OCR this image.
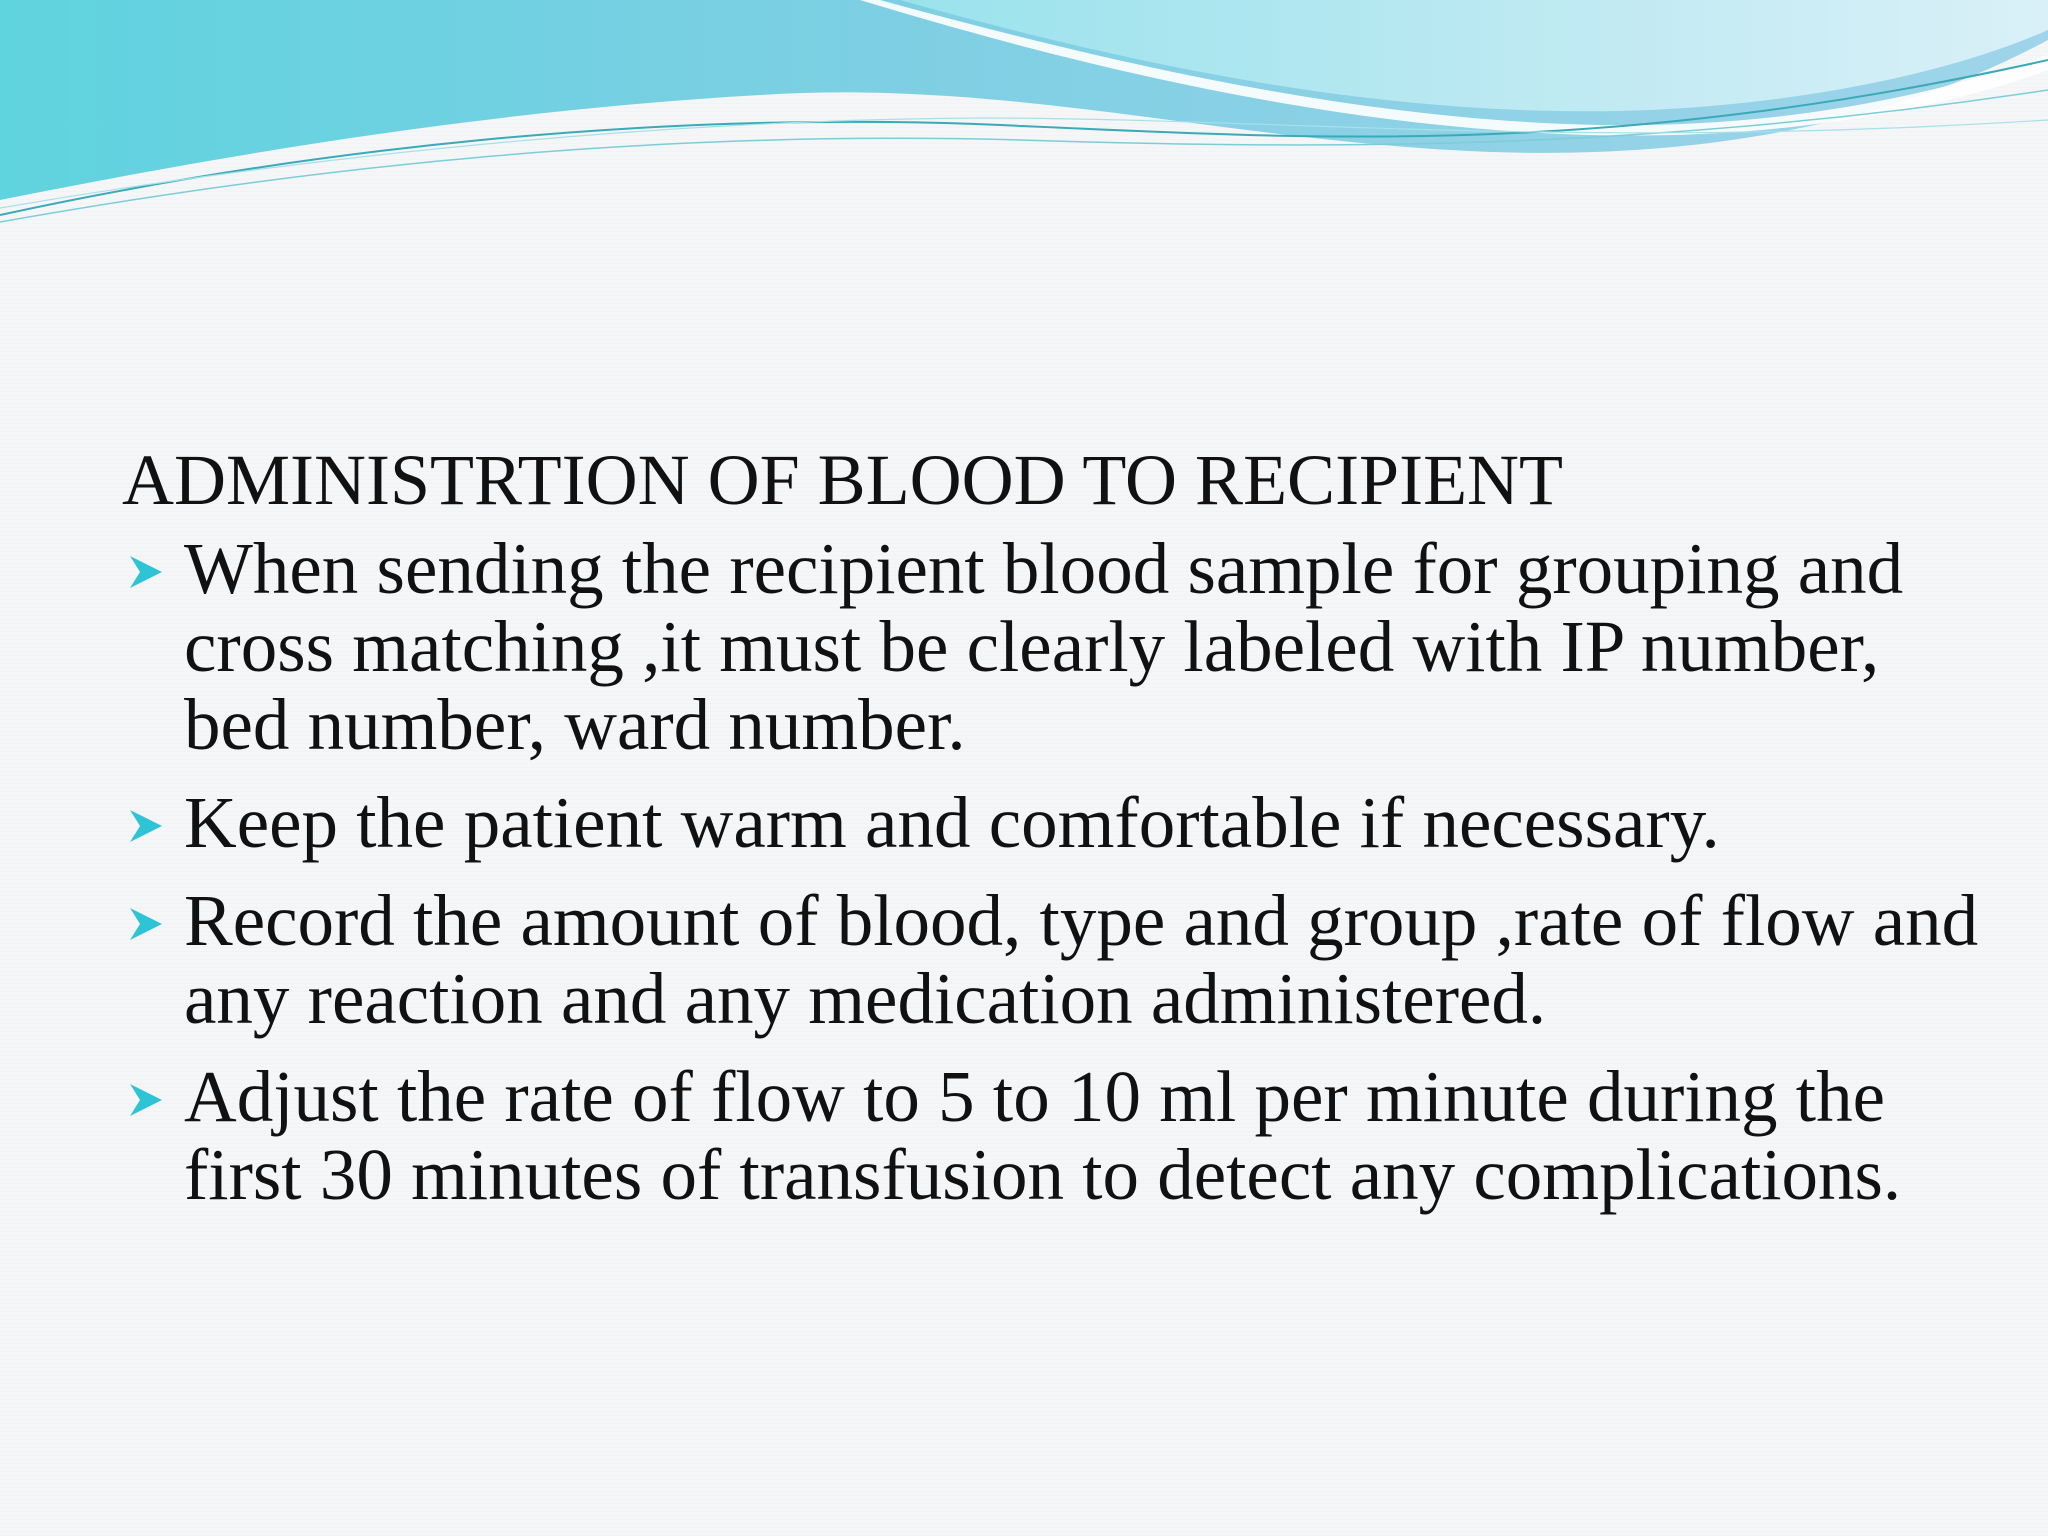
ADMINISTRTION OF BLOOD TO RECIPIENT
When sending the recipient blood sample for grouping and cross matching ,it must be clearly labeled with IP number, bed number, ward number.
Keep the patient warm and comfortable if necessary.
Record the amount of blood, type and group ,rate of flow and any reaction and any medication administered.
Adjust the rate of flow to 5 to 10 ml per minute during the first 30 minutes of transfusion to detect any complications.
